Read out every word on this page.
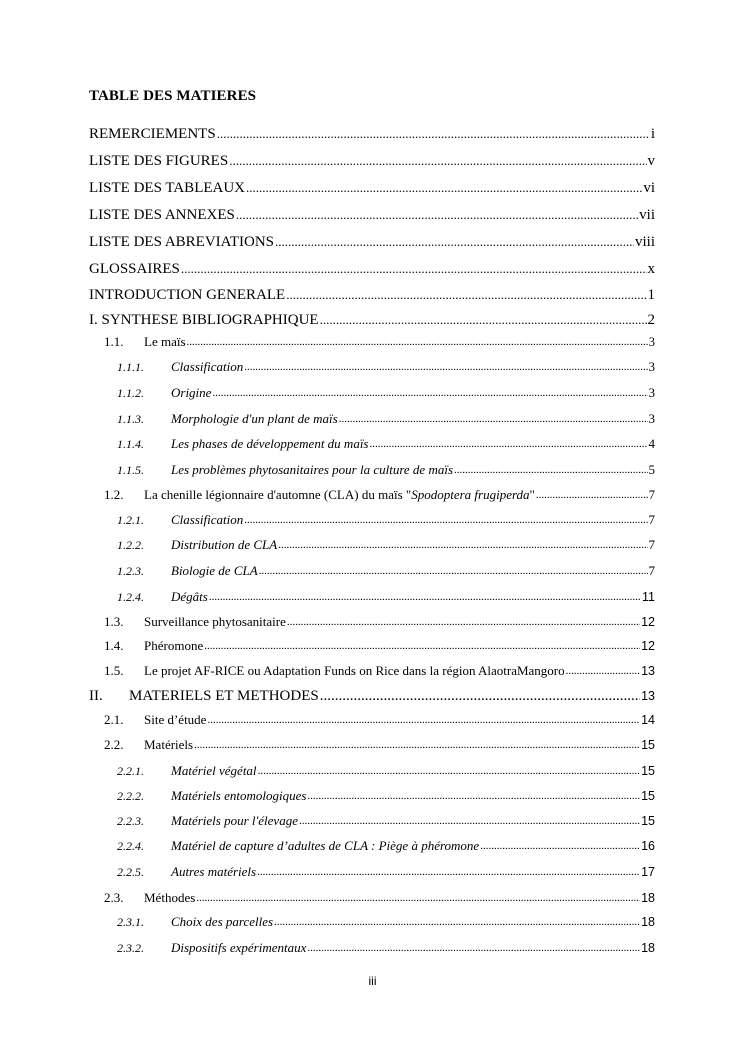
TABLE DES MATIERES
REMERCIEMENTS .....	i
LISTE DES FIGURES .....	v
LISTE DES TABLEAUX .....	vi
LISTE DES ANNEXES .....	vii
LISTE DES ABREVIATIONS .....	viii
GLOSSAIRES .....	x
INTRODUCTION GENERALE .....	1
I. SYNTHESE BIBLIOGRAPHIQUE .....	2
1.1.	Le maïs .....	3
1.1.1.	Classification .....	3
1.1.2.	Origine .....	3
1.1.3.	Morphologie d'un plant de maïs .....	3
1.1.4.	Les phases de développement du maïs .....	4
1.1.5.	Les problèmes phytosanitaires pour la culture de maïs .....	5
1.2.	La chenille légionnaire d'automne (CLA) du maïs "Spodoptera frugiperda" .....	7
1.2.1.	Classification .....	7
1.2.2.	Distribution de CLA .....	7
1.2.3.	Biologie de CLA .....	7
1.2.4.	Dégâts .....	11
1.3.	Surveillance phytosanitaire .....	12
1.4.	Phéromone .....	12
1.5.	Le projet AF-RICE ou Adaptation Funds on Rice dans la région AlaotraMangoro .....	13
II.	MATERIELS ET METHODES .....	13
2.1.	Site d’étude .....	14
2.2.	Matériels .....	15
2.2.1.	Matériel végétal .....	15
2.2.2.	Matériels entomologiques .....	15
2.2.3.	Matériels pour l'élevage .....	15
2.2.4.	Matériel de capture d’adultes de CLA : Piège à phéromone .....	16
2.2.5.	Autres matériels .....	17
2.3.	Méthodes .....	18
2.3.1.	Choix des parcelles .....	18
2.3.2.	Dispositifs expérimentaux .....	18
iii
